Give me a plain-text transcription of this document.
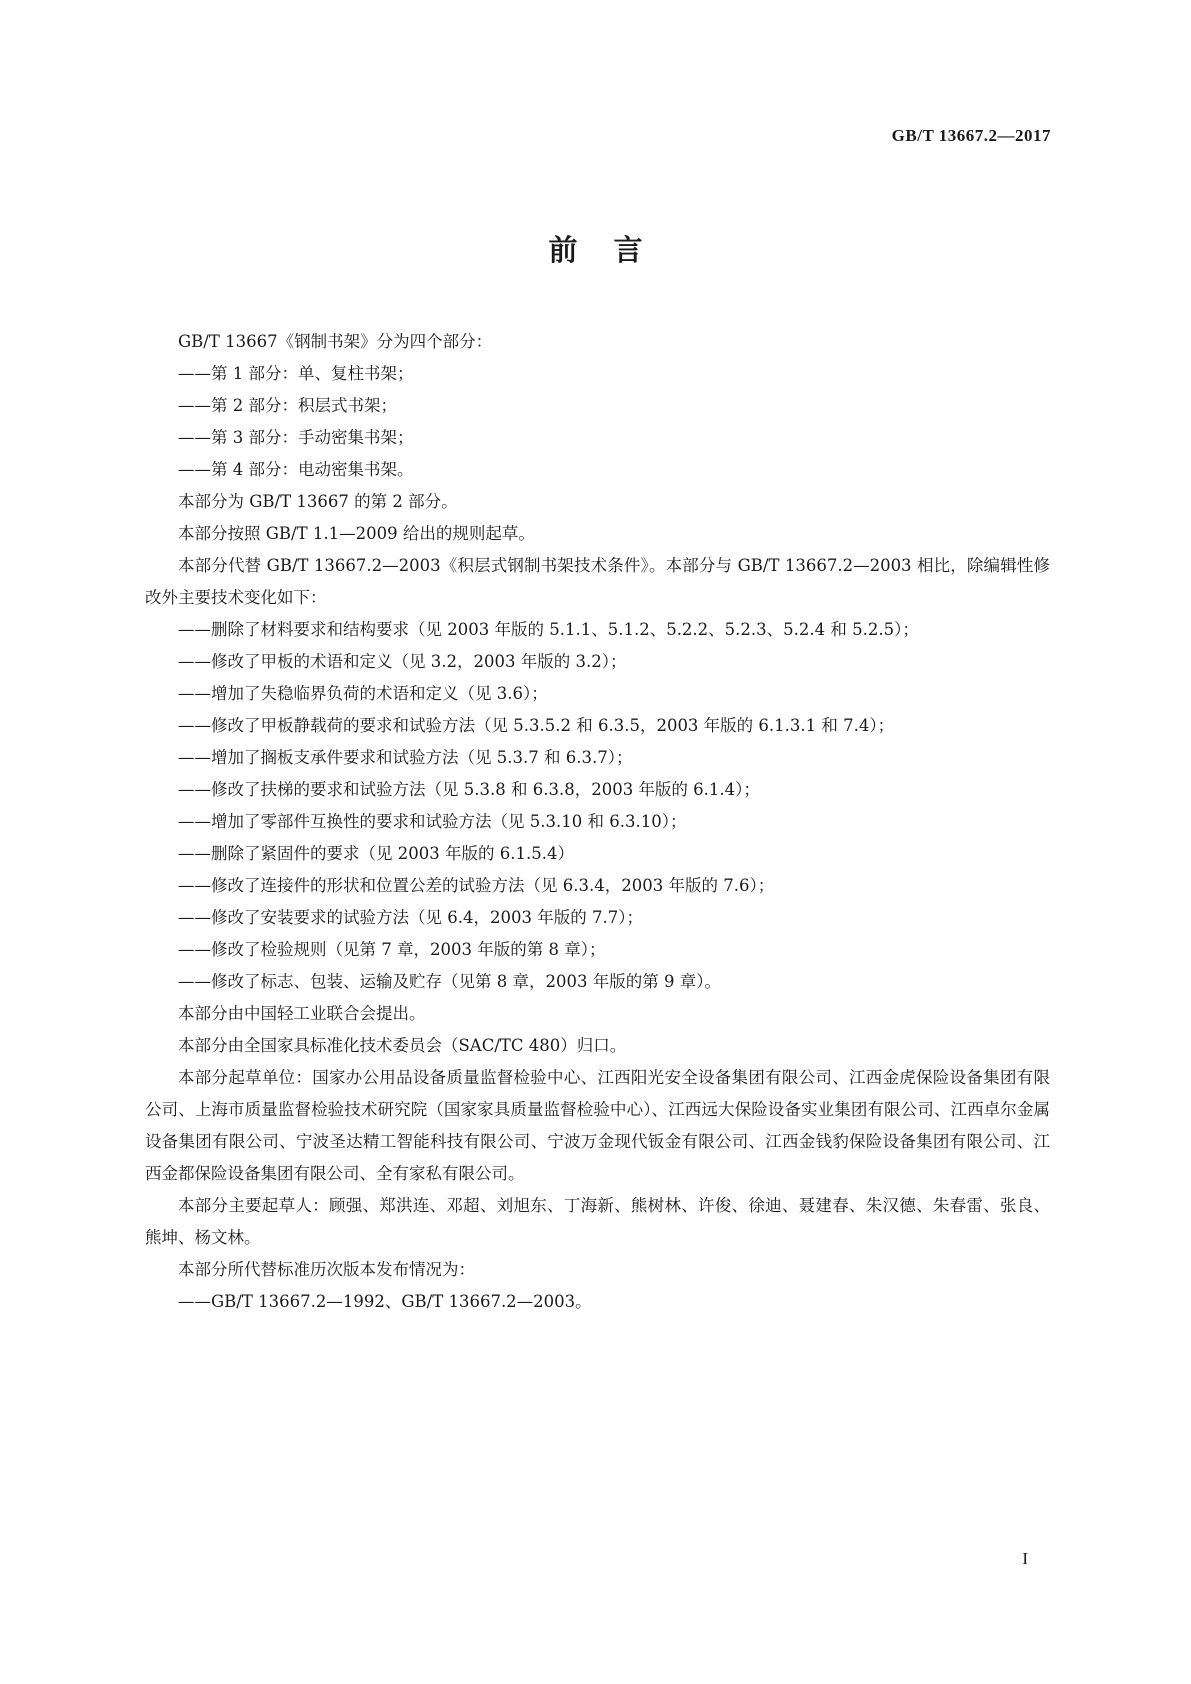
GB/T 13667.2—2017
前言

GB/T 13667《钢制书架》分为四个部分：

——第 1 部分：单、复柱书架；

——第 2 部分：积层式书架；

——第 3 部分：手动密集书架；

——第 4 部分：电动密集书架。

本部分为 GB/T 13667 的第 2 部分。

本部分按照 GB/T 1.1—2009 给出的规则起草。

本部分代替 GB/T 13667.2—2003《积层式钢制书架技术条件》。本部分与 GB/T 13667.2—2003 相比，除编辑性修改外主要技术变化如下：

——删除了材料要求和结构要求（见 2003 年版的 5.1.1、5.1.2、5.2.2、5.2.3、5.2.4 和 5.2.5）；

——修改了甲板的术语和定义（见 3.2，2003 年版的 3.2）；

——增加了失稳临界负荷的术语和定义（见 3.6）；

——修改了甲板静载荷的要求和试验方法（见 5.3.5.2 和 6.3.5，2003 年版的 6.1.3.1 和 7.4）；

——增加了搁板支承件要求和试验方法（见 5.3.7 和 6.3.7）；

——修改了扶梯的要求和试验方法（见 5.3.8 和 6.3.8，2003 年版的 6.1.4）；

——增加了零部件互换性的要求和试验方法（见 5.3.10 和 6.3.10）；

——删除了紧固件的要求（见 2003 年版的 6.1.5.4）

——修改了连接件的形状和位置公差的试验方法（见 6.3.4，2003 年版的 7.6）；

——修改了安装要求的试验方法（见 6.4，2003 年版的 7.7）；

——修改了检验规则（见第 7 章，2003 年版的第 8 章）；

——修改了标志、包装、运输及贮存（见第 8 章，2003 年版的第 9 章）。

本部分由中国轻工业联合会提出。

本部分由全国家具标准化技术委员会（SAC/TC 480）归口。

本部分起草单位：国家办公用品设备质量监督检验中心、江西阳光安全设备集团有限公司、江西金虎保险设备集团有限公司、上海市质量监督检验技术研究院（国家家具质量监督检验中心）、江西远大保险设备实业集团有限公司、江西卓尔金属设备集团有限公司、宁波圣达精工智能科技有限公司、宁波万金现代钣金有限公司、江西金钱豹保险设备集团有限公司、江西金都保险设备集团有限公司、全有家私有限公司。

本部分主要起草人：顾强、郑洪连、邓超、刘旭东、丁海新、熊树林、许俊、徐迪、聂建春、朱汉德、朱春雷、张良、熊坤、杨文林。

本部分所代替标准历次版本发布情况为：

——GB/T 13667.2—1992、GB/T 13667.2—2003。

I
